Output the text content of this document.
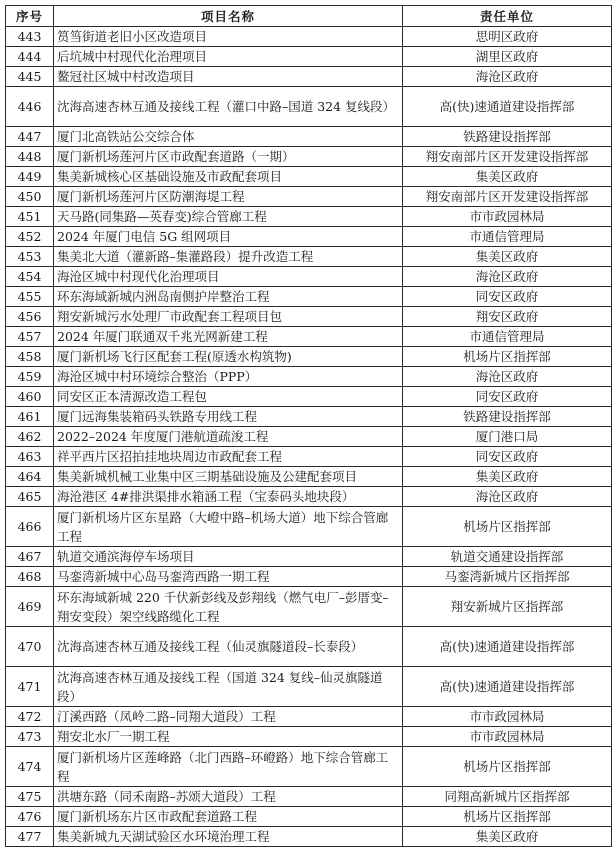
序号	项目名称	责任单位
443	筼筜街道老旧小区改造项目	思明区政府
444	后坑城中村现代化治理项目	湖里区政府
445	鳌冠社区城中村改造项目	海沧区政府
446	沈海高速杏林互通及接线工程（灌口中路–国道 324 复线段）	高(快)速通道建设指挥部
447	厦门北高铁站公交综合体	铁路建设指挥部
448	厦门新机场莲河片区市政配套道路（一期）	翔安南部片区开发建设指挥部
449	集美新城核心区基础设施及市政配套项目	集美区政府
450	厦门新机场莲河片区防潮海堤工程	翔安南部片区开发建设指挥部
451	天马路(同集路—英春变)综合管廊工程	市市政园林局
452	2024 年厦门电信 5G 组网项目	市通信管理局
453	集美北大道（灌新路–集灌路段）提升改造工程	集美区政府
454	海沧区城中村现代化治理项目	海沧区政府
455	环东海域新城内洲岛南侧护岸整治工程	同安区政府
456	翔安新城污水处理厂市政配套工程项目包	翔安区政府
457	2024 年厦门联通双千兆光网新建工程	市通信管理局
458	厦门新机场飞行区配套工程(原透水构筑物)	机场片区指挥部
459	海沧区城中村环境综合整治（PPP）	海沧区政府
460	同安区正本清源改造工程包	同安区政府
461	厦门远海集装箱码头铁路专用线工程	铁路建设指挥部
462	2022–2024 年度厦门港航道疏浚工程	厦门港口局
463	祥平西片区招拍挂地块周边市政配套工程	同安区政府
464	集美新城机械工业集中区三期基础设施及公建配套项目	集美区政府
465	海沧港区 4#排洪渠排水箱涵工程（宝泰码头地块段）	海沧区政府
466	厦门新机场片区东星路（大嶝中路–机场大道）地下综合管廊工程	机场片区指挥部
467	轨道交通滨海停车场项目	轨道交通建设指挥部
468	马銮湾新城中心岛马銮湾西路一期工程	马銮湾新城片区指挥部
469	环东海域新城 220 千伏新彭线及彭翔线（燃气电厂–彭厝变–翔安变段）架空线路缆化工程	翔安新城片区指挥部
470	沈海高速杏林互通及接线工程（仙灵旗隧道段–长泰段）	高(快)速通道建设指挥部
471	沈海高速杏林互通及接线工程（国道 324 复线–仙灵旗隧道段）	高(快)速通道建设指挥部
472	汀溪西路（凤岭二路–同翔大道段）工程	市市政园林局
473	翔安北水厂一期工程	市市政园林局
474	厦门新机场片区莲峰路（北门西路–环嶝路）地下综合管廊工程	机场片区指挥部
475	洪塘东路（同禾南路–苏颂大道段）工程	同翔高新城片区指挥部
476	厦门新机场东片区市政配套道路工程	机场片区指挥部
477	集美新城九天湖试验区水环境治理工程	集美区政府
